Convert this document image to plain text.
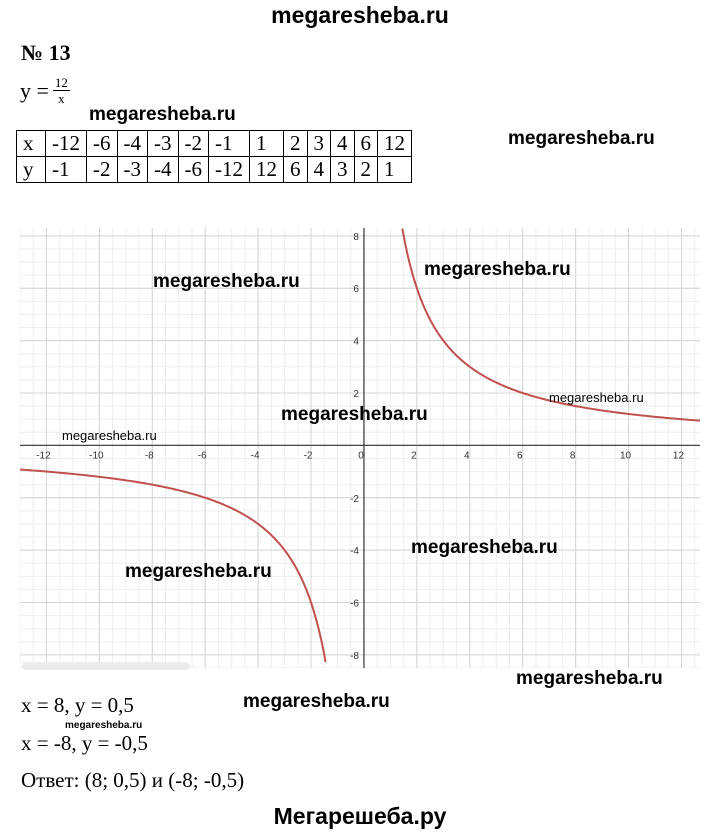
megaresheba.ru
№ 13
$y = \frac{12}{x}$
x	-12	-6	-4	-3	-2	-1	1	2	3	4	6	12
y	-1	-2	-3	-4	-6	-12	12	6	4	3	2	1
-12	-10	-8	-6	-4	-2	0	2	4	6	8	10	12
-8
-6
-4
-2
2
4
6
8
megaresheba.ru
megaresheba.ru
megaresheba.ru
megaresheba.ru
megaresheba.ru
megaresheba.ru
megaresheba.ru
megaresheba.ru
megaresheba.ru
megaresheba.ru
megaresheba.ru
megaresheba.ru
x = 8, y = 0,5
x = -8, y = -0,5
Ответ: (8; 0,5) и (-8; -0,5)
Мегарешеба.ру
